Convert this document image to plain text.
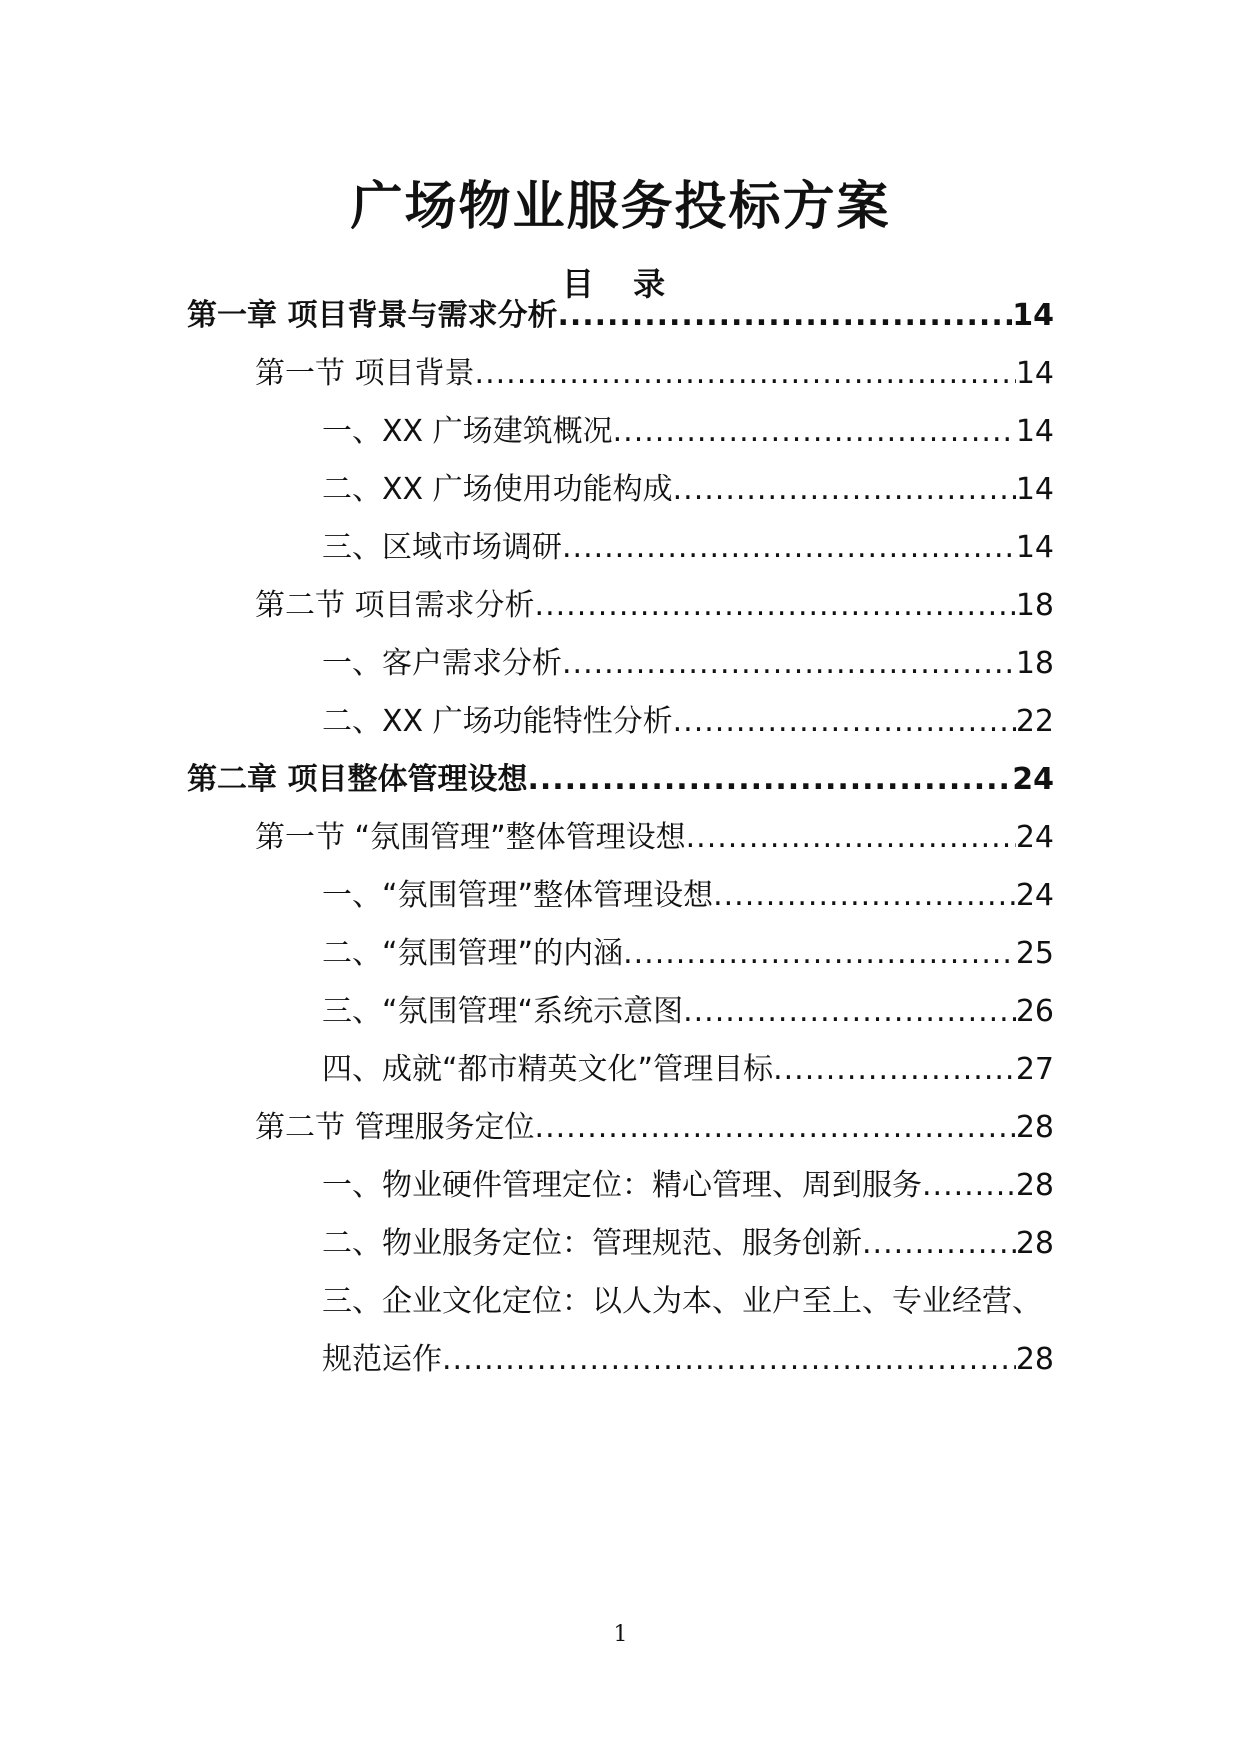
广场物业服务投标方案
目 录
第一章 项目背景与需求分析 .....	14
第一节 项目背景 .....	14
一、XX 广场建筑概况 .....	14
二、XX 广场使用功能构成 .....	14
三、区域市场调研 .....	14
第二节 项目需求分析 .....	18
一、客户需求分析 .....	18
二、XX 广场功能特性分析 .....	22
第二章 项目整体管理设想 .....	24
第一节 “氛围管理”整体管理设想 .....	24
一、“氛围管理”整体管理设想 .....	24
二、“氛围管理”的内涵 .....	25
三、“氛围管理“系统示意图 .....	26
四、成就“都市精英文化”管理目标 .....	27
第二节 管理服务定位 .....	28
一、物业硬件管理定位：精心管理、周到服务 .....	28
二、物业服务定位：管理规范、服务创新 .....	28
三、企业文化定位：以人为本、业户至上、专业经营、
规范运作 .....	28
1
